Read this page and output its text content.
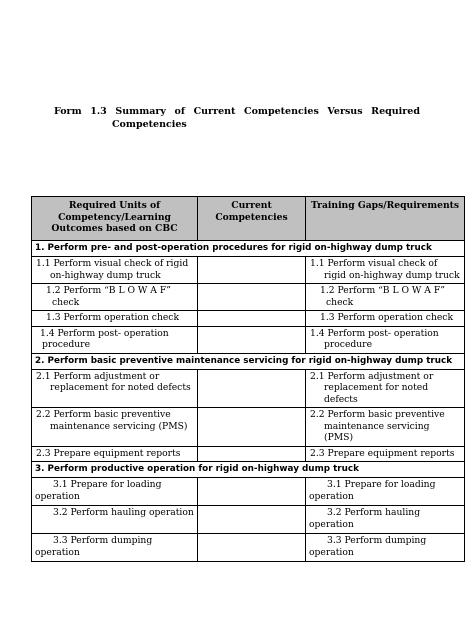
Form 1.3 Summary of Current Competencies Versus Required
Competencies
Required Units of Competency/Learning Outcomes based on CBC	Current Competencies	Training Gaps/Requirements
1. Perform pre- and post-operation procedures for rigid on-highway dump truck		

1.1 Perform visual check of rigid
on-highway dump truck		1.1 Perform visual check of
rigid on-highway dump truck

1.2 Perform “B L O W A F”
check		1.2 Perform “B L O W A F”
check

1.3 Perform operation check		1.3 Perform operation check

1.4 Perform post- operation
procedure		1.4 Perform post- operation
procedure

2. Perform basic preventive maintenance servicing for rigid on-highway dump truck		

2.1 Perform adjustment or
replacement for noted defects		2.1 Perform adjustment or
replacement for noted defects

2.2 Perform basic preventive
maintenance servicing (PMS)		2.2 Perform basic preventive
maintenance servicing (PMS)

2.3 Prepare equipment reports		2.3 Prepare equipment reports

3. Perform productive operation for rigid on-highway dump truck		

3.1 Prepare for loading
operation		3.1 Prepare for loading
operation

3.2 Perform hauling operation		3.2 Perform hauling
operation

3.3 Perform dumping
operation		3.3 Perform dumping
operation
